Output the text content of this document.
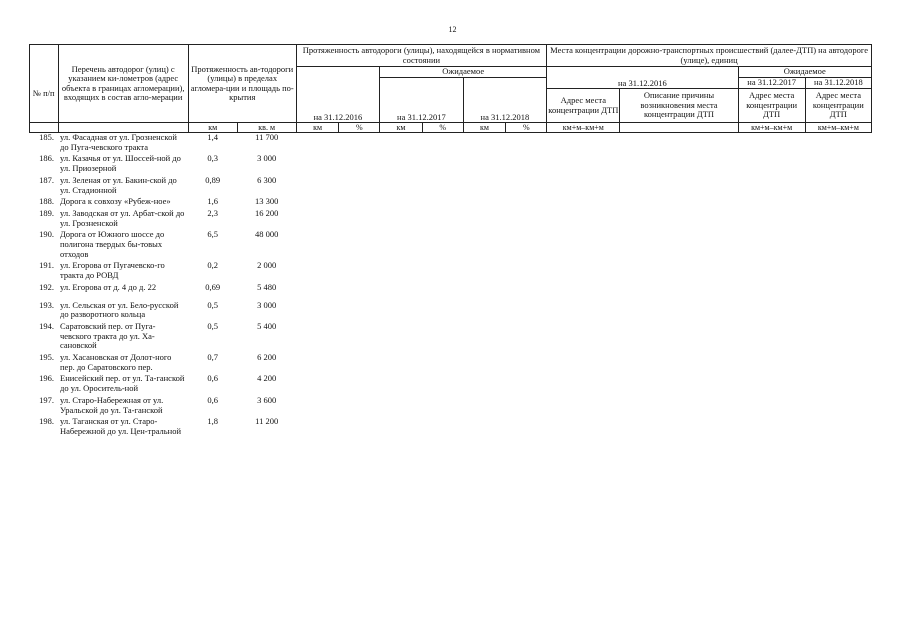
12
№ п/п	Перечень автодорог (улиц) с указанием ки-лометров (адрес объекта в границах агломерации), входящих в состав агло-мерации	Протяженность ав-тодороги (улицы) в пределах агломера-ции и площадь по-крытия		Протяженность автодороги (улицы), находящейся в нормативном состоянии						Места концентрации дорожно-транспортных происшествий (далее-ДТП) на автодороге (улице), единиц			
				на 31.12.2016		Ожидаемое				на 31.12.2016		Ожидаемое	
						на 31.12.2017		на 31.12.2018				на 31.12.2017	на 31.12.2018
										Адрес места концентрации ДТП	Описание причины возникновения места концентрации ДТП	Адрес места концентрации ДТП	Адрес места концентрации ДТП
		км	кв. м	км	%	км	%	км	%	км+м–км+м		км+м–км+м	км+м–км+м
185.	ул. Фасадная от ул. Грозненской до Пуга-чевского тракта	1,4	11 700										
186.	ул. Казачья от ул. Шоссей-ной до ул. Приозерной	0,3	3 000										
187.	ул. Зеленая от ул. Бакин-ской до ул. Стадионной	0,89	6 300										
188.	Дорога к совхозу «Рубеж-ное»	1,6	13 300										
189.	ул. Заводская от ул. Арбат-ской до ул. Грозненской	2,3	16 200										
190.	Дорога от Южного шоссе до полигона твердых бы-товых отходов	6,5	48 000										
191.	ул. Егорова от Пугачевско-го тракта до РОВД	0,2	2 000										
192.	ул. Егорова от д. 4 до д. 22	0,69	5 480										
193.	ул. Сельская от ул. Бело-русской до разворотного кольца	0,5	3 000										
194.	Саратовский пер. от Пуга-чевского тракта до ул. Ха-сановской	0,5	5 400										
195.	ул. Хасановская от Долот-ного пер. до Саратовского пер.	0,7	6 200										
196.	Енисейский пер. от ул. Та-ганской до ул. Ороситель-ной	0,6	4 200										
197.	ул. Старо-Набережная от ул. Уральской до ул. Та-ганской	0,6	3 600										
198.	ул. Таганская от ул. Старо-Набережной до ул. Цен-тральной	1,8	11 200										
